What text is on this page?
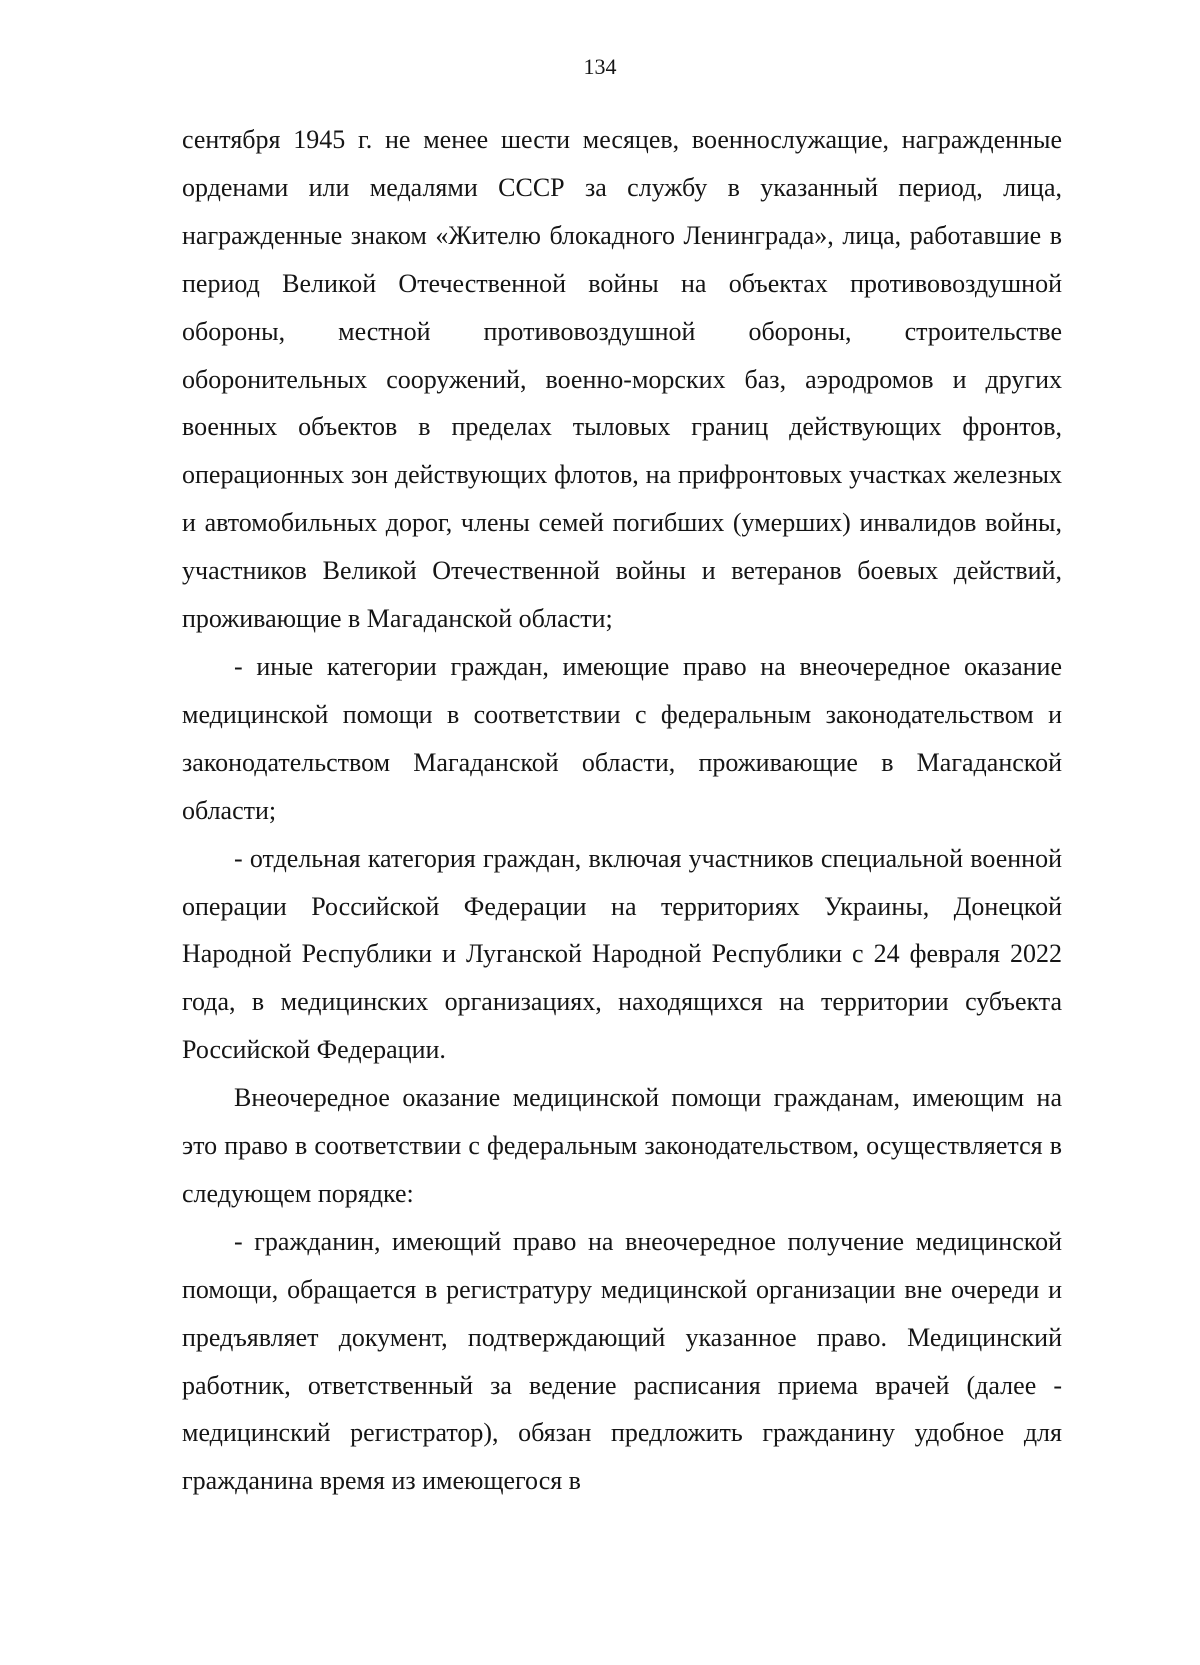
134

сентября 1945 г. не менее шести месяцев, военнослужащие, награжденные орденами или медалями СССР за службу в указанный период, лица, награжденные знаком «Жителю блокадного Ленинграда», лица, работавшие в период Великой Отечественной войны на объектах противовоздушной обороны, местной противовоздушной обороны, строительстве оборонительных сооружений, военно-морских баз, аэродромов и других военных объектов в пределах тыловых границ действующих фронтов, операционных зон действующих флотов, на прифронтовых участках железных и автомобильных дорог, члены семей погибших (умерших) инвалидов войны, участников Великой Отечественной войны и ветеранов боевых действий, проживающие в Магаданской области;

- иные категории граждан, имеющие право на внеочередное оказание медицинской помощи в соответствии с федеральным законодательством и законодательством Магаданской области, проживающие в Магаданской области;

- отдельная категория граждан, включая участников специальной военной операции Российской Федерации на территориях Украины, Донецкой Народной Республики и Луганской Народной Республики с 24 февраля 2022 года, в медицинских организациях, находящихся на территории субъекта Российской Федерации.

Внеочередное оказание медицинской помощи гражданам, имеющим на это право в соответствии с федеральным законодательством, осуществляется в следующем порядке:

- гражданин, имеющий право на внеочередное получение медицинской помощи, обращается в регистратуру медицинской организации вне очереди и предъявляет документ, подтверждающий указанное право. Медицинский работник, ответственный за ведение расписания приема врачей (далее - медицинский регистратор), обязан предложить гражданину удобное для гражданина время из имеющегося в
